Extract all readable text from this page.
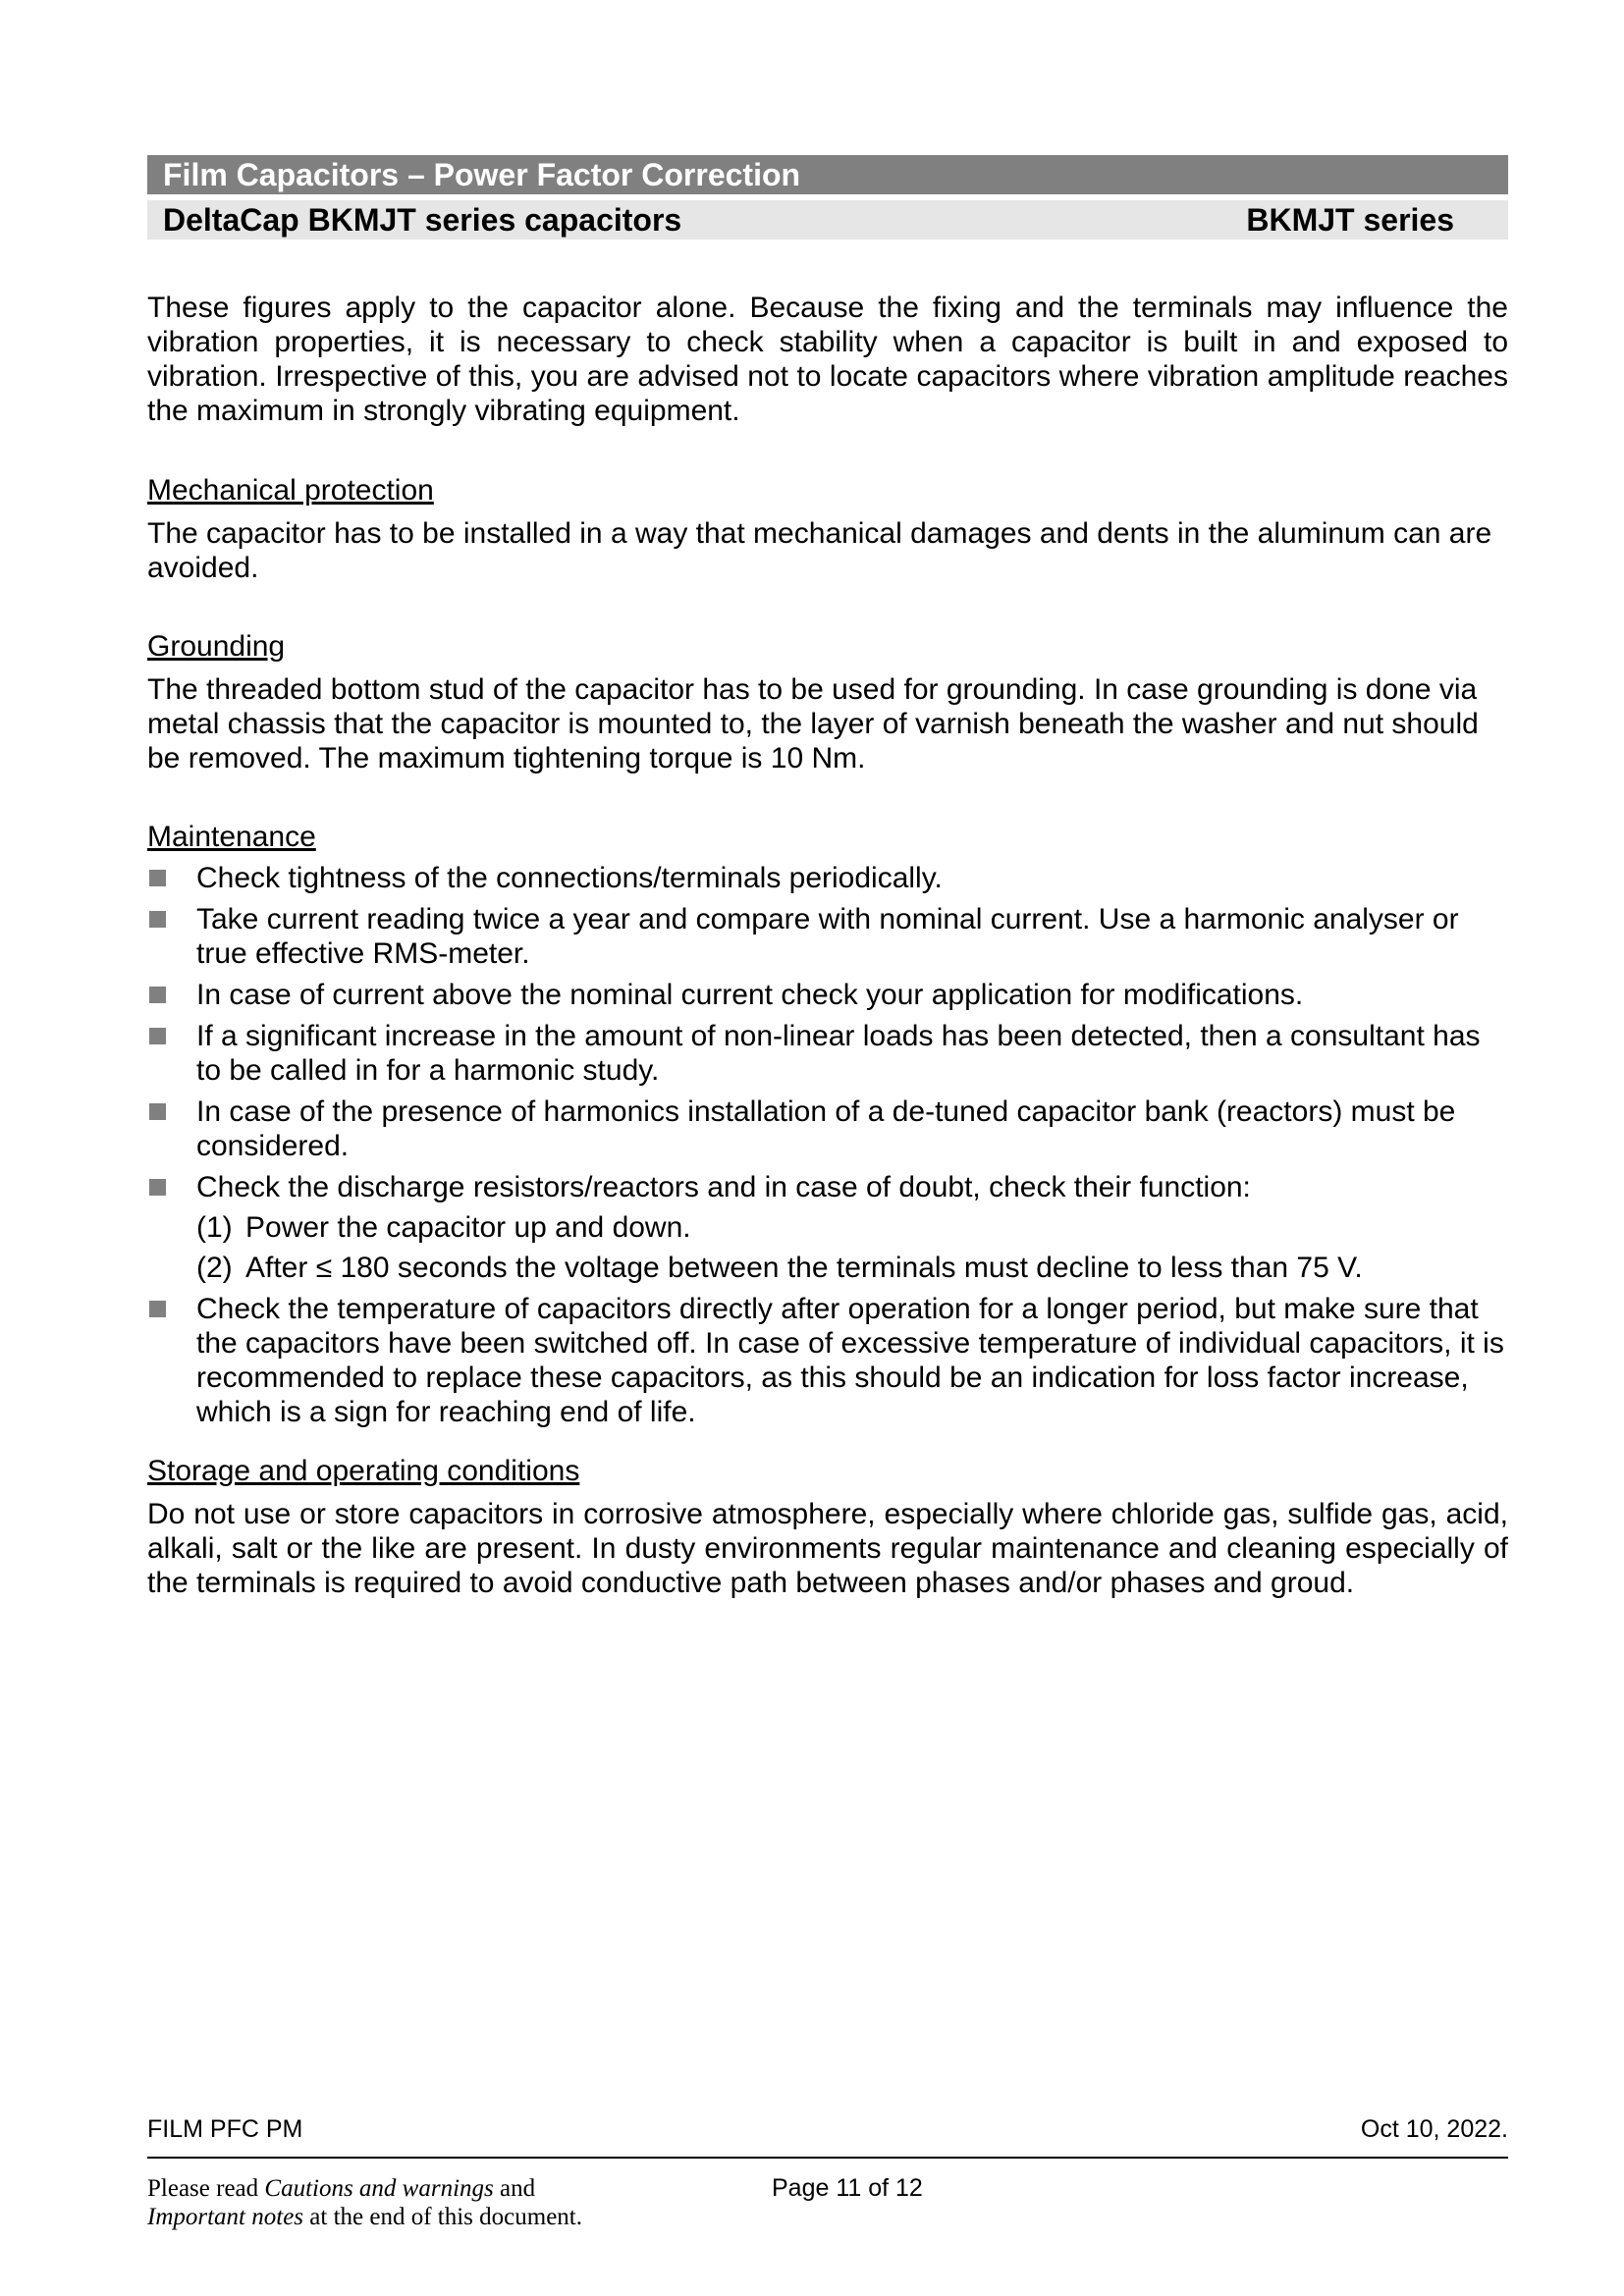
Film Capacitors – Power Factor Correction
DeltaCap BKMJT series capacitors	BKMJT series

These figures apply to the capacitor alone. Because the fixing and the terminals may influence the vibration properties, it is necessary to check stability when a capacitor is built in and exposed to vibration. Irrespective of this, you are advised not to locate capacitors where vibration amplitude reaches the maximum in strongly vibrating equipment.

Mechanical protection

The capacitor has to be installed in a way that mechanical damages and dents in the aluminum can are avoided.

Grounding

The threaded bottom stud of the capacitor has to be used for grounding. In case grounding is done via metal chassis that the capacitor is mounted to, the layer of varnish beneath the washer and nut should be removed. The maximum tightening torque is 10 Nm.

Maintenance

Check tightness of the connections/terminals periodically.
Take current reading twice a year and compare with nominal current. Use a harmonic analyser or true effective RMS-meter.
In case of current above the nominal current check your application for modifications.
If a significant increase in the amount of non-linear loads has been detected, then a consultant has to be called in for a harmonic study.
In case of the presence of harmonics installation of a de-tuned capacitor bank (reactors) must be considered.
Check the discharge resistors/reactors and in case of doubt, check their function:
(1) Power the capacitor up and down.
(2) After ≤ 180 seconds the voltage between the terminals must decline to less than 75 V.
Check the temperature of capacitors directly after operation for a longer period, but make sure that the capacitors have been switched off. In case of excessive temperature of individual capacitors, it is recommended to replace these capacitors, as this should be an indication for loss factor increase, which is a sign for reaching end of life.

Storage and operating conditions

Do not use or store capacitors in corrosive atmosphere, especially where chloride gas, sulfide gas, acid, alkali, salt or the like are present. In dusty environments regular maintenance and cleaning especially of the terminals is required to avoid conductive path between phases and/or phases and groud.

FILM PFC PM	Oct 10, 2022.
Please read Cautions and warnings and
Important notes at the end of this document.
Page 11 of 12
